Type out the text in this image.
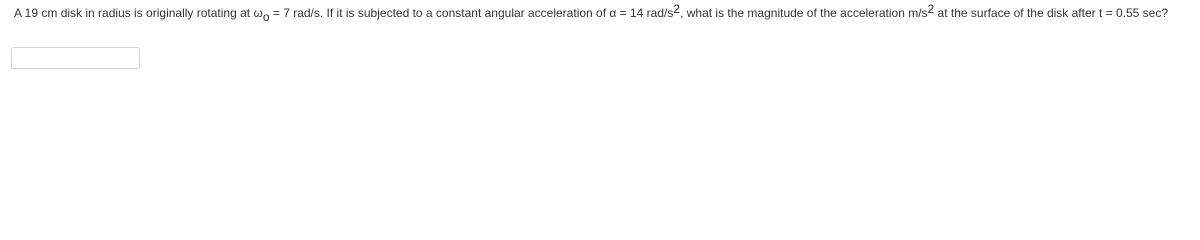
A 19 cm disk in radius is originally rotating at $\omega_o = 7$ rad/s. If it is subjected to a constant angular acceleration of α = 14 rad/$s^2$, what is the magnitude of the acceleration $m/s^2$ at the surface of the disk after t = 0.55 sec?
